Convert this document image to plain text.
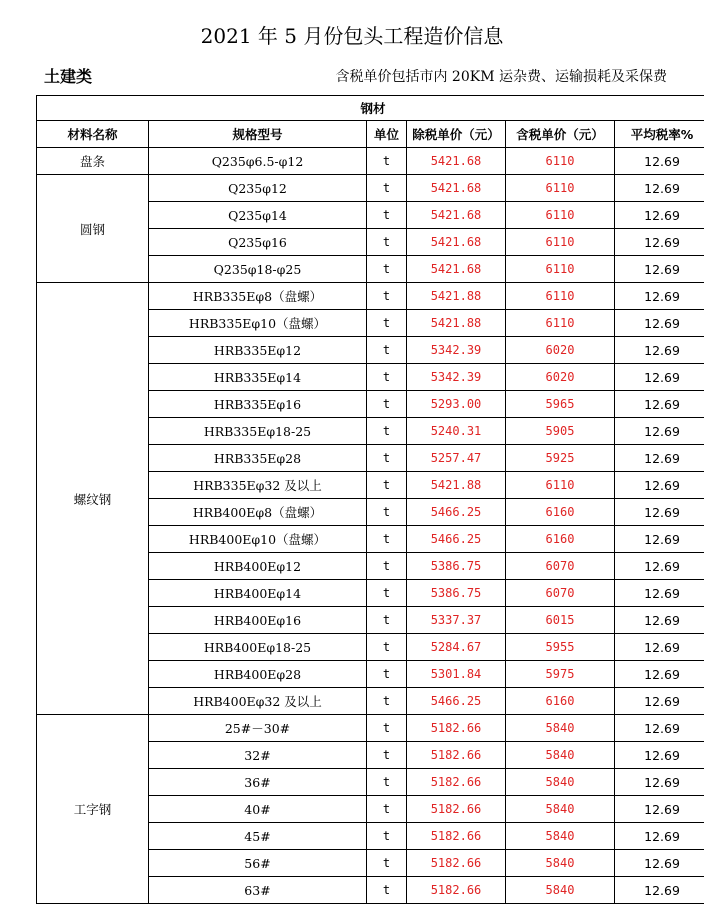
2021 年 5 月份包头工程造价信息
土建类	含税单价包括市内 20KM 运杂费、运输损耗及采保费
钢材					
材料名称	规格型号	单位	除税单价（元）	含税单价（元）	平均税率%
盘条	Q235φ6.5-φ12	t	5421.68	6110	12.69
圆钢	Q235φ12	t	5421.68	6110	12.69
	Q235φ14	t	5421.68	6110	12.69
	Q235φ16	t	5421.68	6110	12.69
	Q235φ18-φ25	t	5421.68	6110	12.69
螺纹钢	HRB335Eφ8（盘螺）	t	5421.88	6110	12.69
	HRB335Eφ10（盘螺）	t	5421.88	6110	12.69
	HRB335Eφ12	t	5342.39	6020	12.69
	HRB335Eφ14	t	5342.39	6020	12.69
	HRB335Eφ16	t	5293.00	5965	12.69
	HRB335Eφ18-25	t	5240.31	5905	12.69
	HRB335Eφ28	t	5257.47	5925	12.69
	HRB335Eφ32 及以上	t	5421.88	6110	12.69
	HRB400Eφ8（盘螺）	t	5466.25	6160	12.69
	HRB400Eφ10（盘螺）	t	5466.25	6160	12.69
	HRB400Eφ12	t	5386.75	6070	12.69
	HRB400Eφ14	t	5386.75	6070	12.69
	HRB400Eφ16	t	5337.37	6015	12.69
	HRB400Eφ18-25	t	5284.67	5955	12.69
	HRB400Eφ28	t	5301.84	5975	12.69
	HRB400Eφ32 及以上	t	5466.25	6160	12.69
工字钢	25#－30#	t	5182.66	5840	12.69
	32#	t	5182.66	5840	12.69
	36#	t	5182.66	5840	12.69
	40#	t	5182.66	5840	12.69
	45#	t	5182.66	5840	12.69
	56#	t	5182.66	5840	12.69
	63#	t	5182.66	5840	12.69
